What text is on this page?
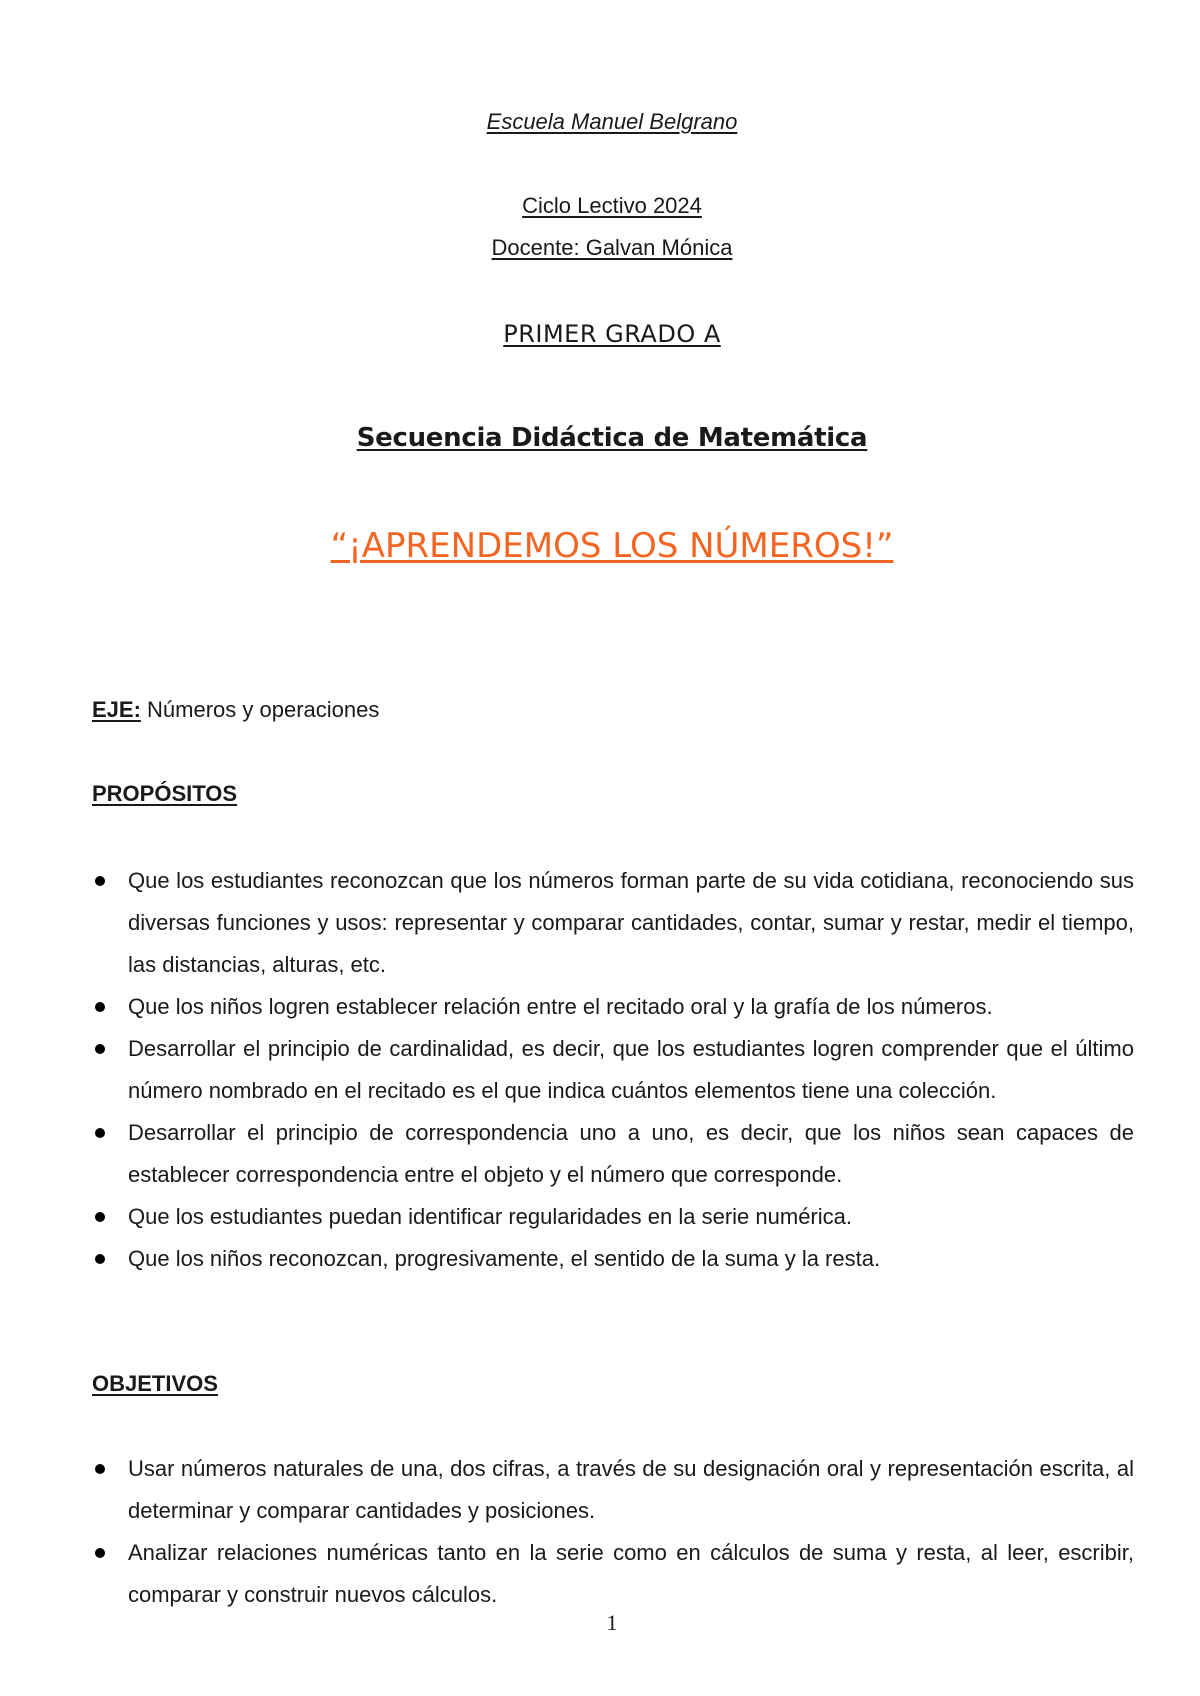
Escuela Manuel Belgrano
Ciclo Lectivo 2024
Docente: Galvan Mónica
PRIMER GRADO A
Secuencia Didáctica de Matemática
“¡APRENDEMOS LOS NÚMEROS!”
EJE: Números y operaciones
PROPÓSITOS
Que los estudiantes reconozcan que los números forman parte de su vida cotidiana, reconociendo sus diversas funciones y usos: representar y comparar cantidades, contar, sumar y restar, medir el tiempo, las distancias, alturas, etc.
Que los niños logren establecer relación entre el recitado oral y la grafía de los números.
Desarrollar el principio de cardinalidad, es decir, que los estudiantes logren comprender que el último número nombrado en el recitado es el que indica cuántos elementos tiene una colección.
Desarrollar el principio de correspondencia uno a uno, es decir, que los niños sean capaces de establecer correspondencia entre el objeto y el número que corresponde.
Que los estudiantes puedan identificar regularidades en la serie numérica.
Que los niños reconozcan, progresivamente, el sentido de la suma y la resta.
OBJETIVOS
Usar números naturales de una, dos cifras, a través de su designación oral y representación escrita, al determinar y comparar cantidades y posiciones.
Analizar relaciones numéricas tanto en la serie como en cálculos de suma y resta, al leer, escribir, comparar y construir nuevos cálculos.
1
